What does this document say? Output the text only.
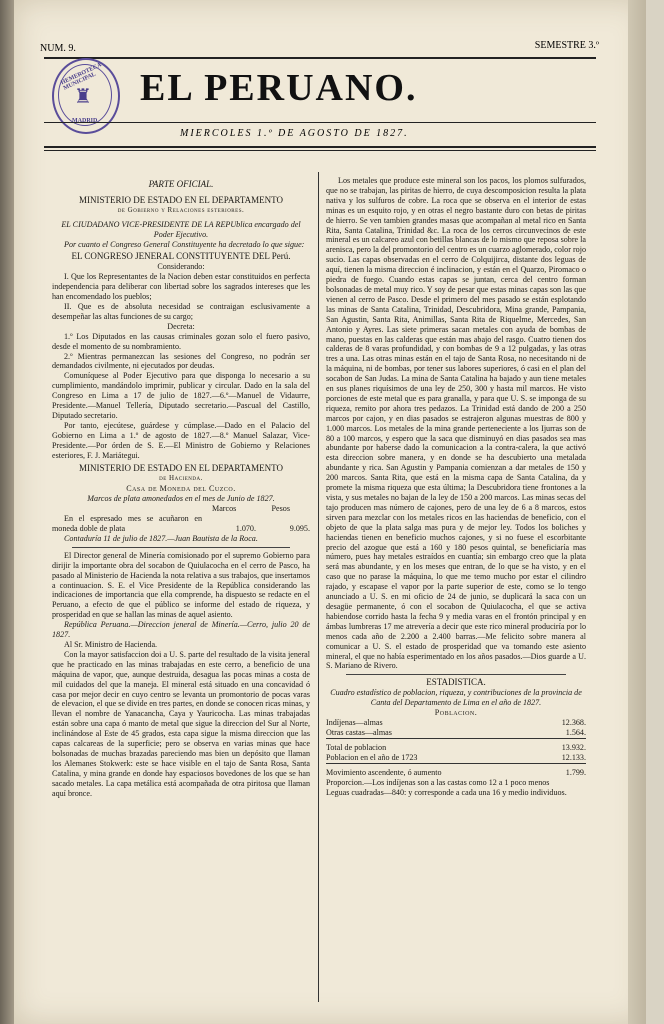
NUM. 9.	SEMESTRE 3.º
HEMEROTECA MUNICIPAL
♜
MADRID
EL PERUANO.
MIERCOLES 1.º DE AGOSTO DE 1827.
PARTE OFICIAL.
MINISTERIO DE ESTADO EN EL DEPARTAMENTO
de Gobierno y Relaciones esteriores.

EL CIUDADANO VICE-PRESIDENTE DE LA REPUblica encargado del Poder Ejecutivo.

Por cuanto el Congreso General Constituyente ha decretado lo que sigue:

EL CONGRESO JENERAL CONSTITUYENTE DEL Perú.

Considerando:

I. Que los Representantes de la Nacion deben estar constituidos en perfecta independencia para deliberar con libertad sobre los sagrados intereses que les han encomendado los pueblos;

II. Que es de absoluta necesidad se contraigan esclusivamente a desempeñar las altas funciones de su cargo;

Decreta:

1.º Los Diputados en las causas criminales gozan solo el fuero pasivo, desde el momento de su nombramiento.

2.º Mientras permanezcan las sesiones del Congreso, no podrán ser demandados civilmente, ni ejecutados por deudas.

Comuníquese al Poder Ejecutivo para que disponga lo necesario a su cumplimiento, mandándolo imprimir, publicar y circular. Dado en la sala del Congreso en Lima a 17 de julio de 1827.—6.º—Manuel de Vidaurre, Presidente.—Manuel Tellería, Diputado secretario.—Pascual del Castillo, Diputado secretario.

Por tanto, ejecútese, guárdese y cúmplase.—Dado en el Palacio del Gobierno en Lima a 1.º de agosto de 1827.—8.º Manuel Salazar, Vice-Presidente.—Por órden de S. E.—El Ministro de Gobierno y Relaciones esteriores, F. J. Mariátegui.

MINISTERIO DE ESTADO EN EL DEPARTAMENTO
de Hacienda.

Casa de Moneda del Cuzco.

Marcos de plata amonedados en el mes de Junio de 1827.

Marcos	Pesos
En el espresado mes se acuñaron en moneda doble de plata	1.070.	9.095.

Contaduría 11 de julio de 1827.—Juan Bautista de la Roca.

El Director general de Minería comisionado por el supremo Gobierno para dirijir la importante obra del socabon de Quiulacocha en el cerro de Pasco, ha pasado al Ministerio de Hacienda la nota relativa a sus trabajos, que insertamos a continuacion. S. E. el Vice Presidente de la República considerando las indicaciones de importancia que ella comprende, ha dispuesto se redacte en el Peruano, a efecto de que el público se informe del estado de riqueza, y prosperidad en que se hallan las minas de aquel asiento.

República Peruana.—Direccion jeneral de Minería.—Cerro, julio 20 de 1827.

Al Sr. Ministro de Hacienda.

Con la mayor satisfaccion doi a U. S. parte del resultado de la visita jeneral que he practicado en las minas trabajadas en este cerro, a beneficio de una máquina de vapor, que, aunque destruida, desagua las pocas minas a costa de mil cuidados del que la maneja. El mineral está situado en una concavidad ó casa por mejor decir en cuyo centro se levanta un promontorio de pocas varas de elevacion, el que se divide en tres partes, en donde se conocen ricas minas, y llevan el nombre de Yanacancha, Caya y Yauricocha. Las minas trabajadas están sobre una capa ó manto de metal que sigue la direccion del Sur al Norte, inclinándose al Este de 45 grados, esta capa sigue la misma direccion que las capas calcareas de la superficie; pero se observa en varias minas que hace bolsonadas de muchas brazadas pareciendo mas bien un depósito que llaman los Alemanes Stokwerk: este se hace visible en el tajo de Santa Rosa, Santa Catalina, y mina grande en donde hay espaciosos bovedones de los que se han sacado metales. La capa metálica está acompañada de otra piritosa que llaman aquí bronce.

Los metales que produce este mineral son los pacos, los plomos sulfurados, que no se trabajan, las piritas de hierro, de cuya descomposicion resulta la plata nativa y los sulfuros de cobre. La roca que se observa en el interior de estas minas es un esquito rojo, y en otras el negro bastante duro con betas de piritas de hierro. Se ven tambien grandes masas que acompañan al metal rico en Santa Rita, Santa Catalina, Trinidad &c. La roca de los cerros circunvecinos de este mineral es un calcareo azul con betillas blancas de lo mismo que reposa sobre la arenisca, pero la del promontorio del centro es un cuarzo aglomerado, color rojo sucio. Las capas observadas en el cerro de Colquijirca, distante dos leguas de aquí, tienen la misma direccion é inclinacion, y están en el Quarzo, Piromaco o piedra de fuego. Cuando estas capas se juntan, cerca del centro forman bolsonadas de metal muy rico. Y soy de pesar que estas minas capas son las que vienen al cerro de Pasco. Desde el primero del mes pasado se están esplotando las minas de Santa Catalina, Trinidad, Descubridora, Mina grande, Pampania, San Agustin, Santa Rita, Animillas, Santa Rita de Riquelme, Mercedes, San Antonio y Ayres. Las siete primeras sacan metales con ayuda de bombas de mano, puestas en las calderas que están mas abajo del rasgo. Cuatro tienen dos calderas de 8 varas profundidad, y con bombas de 9 a 12 pulgadas, y las otras tres a una. Las otras minas están en el tajo de Santa Rosa, no necesitando ni de la máquina, ni de bombas, por tener sus labores superiores, ó casi en el plan del socabon de San Judas. La mina de Santa Catalina ha bajado y aun tiene metales en sus planes riquísimos de una ley de 250, 300 y hasta mil marcos. He visto porciones de este metal que es para granalla, y para que U. S. se imponga de su riqueza, remito por ahora tres pedazos. La Trinidad está dando de 200 a 250 marcos por cajon, y en dias pasados se estrajeron algunas muestras de 800 y 1.000 marcos. Los metales de la mina grande perteneciente a los Ijurras son de 80 a 100 marcos, y espero que la saca que disminuyó en dias pasados sea mas abundante por haberse dado la comunicacion a la contra-calera, la que activó esta direccion sobre manera, y en donde se ha descubierto una metalada abundante y rica. San Agustin y Pampania comienzan a dar metales de 150 y 200 marcos. Santa Rita, que está en la misma capa de Santa Catalina, da y promete la misma riqueza que esta última; la Descubridora tiene frontones a la vista, y sus metales no bajan de la ley de 150 a 200 marcos. Las minas secas del tajo producen mas número de cajones, pero de una ley de 6 a 8 marcos, estos sirven para mezclar con los metales ricos en las haciendas de beneficio, con el objeto de que la plata salga mas pura y de mejor ley. Todos los boliches y haciendas tienen en beneficio muchos cajones, y si no fuese el escorbitante precio del azogue que está a 160 y 180 pesos quintal, se beneficiaría mas número, pues hay metales estraídos en cuantía; sin embargo creo que la plata será mas abundante, y en los meses que entran, de lo que se ha visto, y en el caso que no parase la máquina, lo que me temo mucho por estar el cilindro rajado, y escapase el vapor por la parte superior de este, como se lo tengo anunciado a U. S. en mi oficio de 24 de junio, se duplicará la saca con un desagüe permanente, ó con el socabon de Quiulacocha, el que se activa habiendose corrido hasta la fecha 9 y media varas en el frontón principal y en ámbas lumbreras 17 me atrevería a decir que este rico mineral produciría por lo menos cada año de 2.200 a 2.400 barras.—Me felicito sobre manera al comunicar a U. S. el estado de prosperidad que va tomando este asiento mineral, el que no había esperimentado en los años pasados.—Dios guarde a U. S. Mariano de Rivero.

ESTADISTICA.

Cuadro estadístico de poblacion, riqueza, y contribuciones de la provincia de Canta del Departamento de Lima en el año de 1827.

Poblacion.

Indíjenas—almas	12.368.
Otras castas—almas	1.564.
Total de poblacion	13.932.
Poblacion en el año de 1723	12.133.
Movimiento ascendente, ó aumento	1.799.

Proporcion.—Los indíjenas son a las castas como 12 a 1 poco menos

Leguas cuadradas—840: y corresponde a cada una 16 y medio individuos.
